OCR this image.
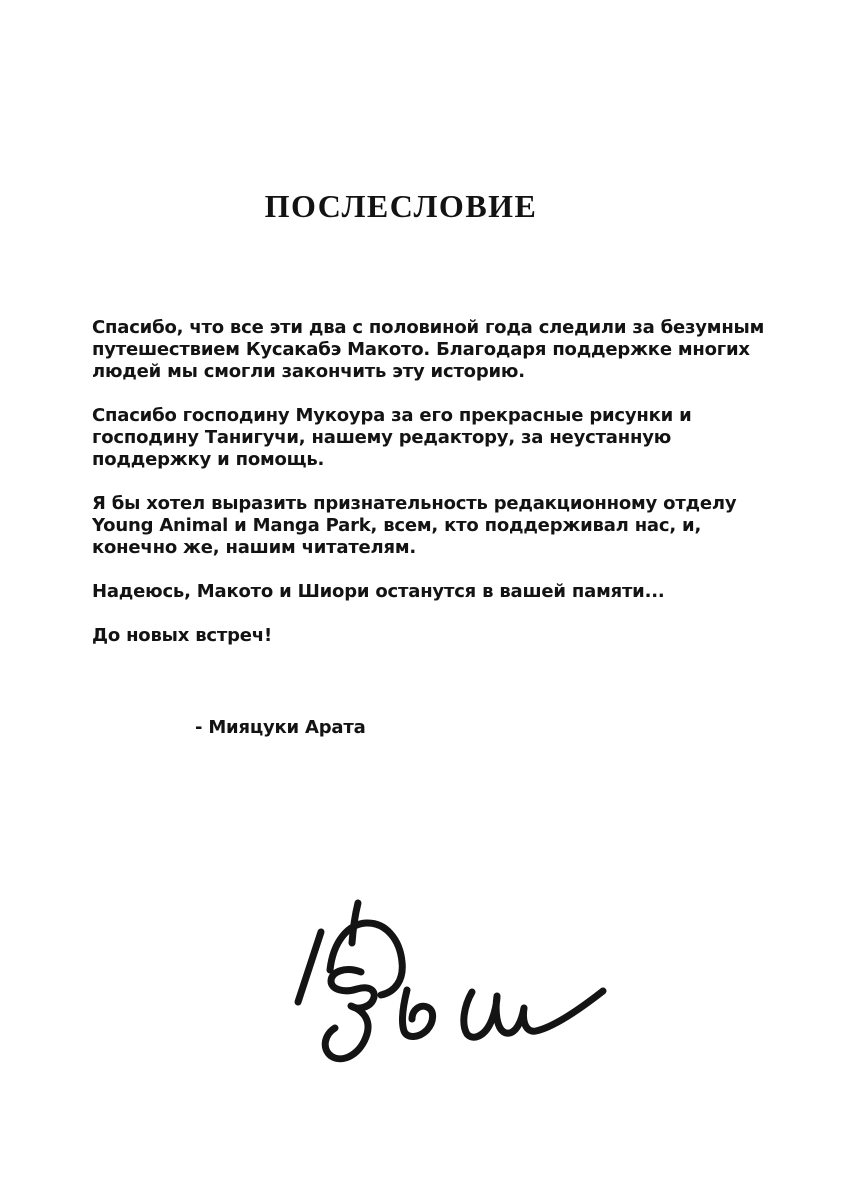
ПОСЛЕСЛОВИЕ

Спасибо, что все эти два с половиной года следили за безумным путешествием Кусакабэ Макото. Благодаря поддержке многих людей мы смогли закончить эту историю.

Спасибо господину Мукоура за его прекрасные рисунки и господину Танигучи, нашему редактору, за неустанную поддержку и помощь.

Я бы хотел выразить признательность редакционному отделу Young Animal и Manga Park, всем, кто поддерживал нас, и, конечно же, нашим читателям.

Надеюсь, Макото и Шиори останутся в вашей памяти...

До новых встреч!

- Мияцуки Арата
